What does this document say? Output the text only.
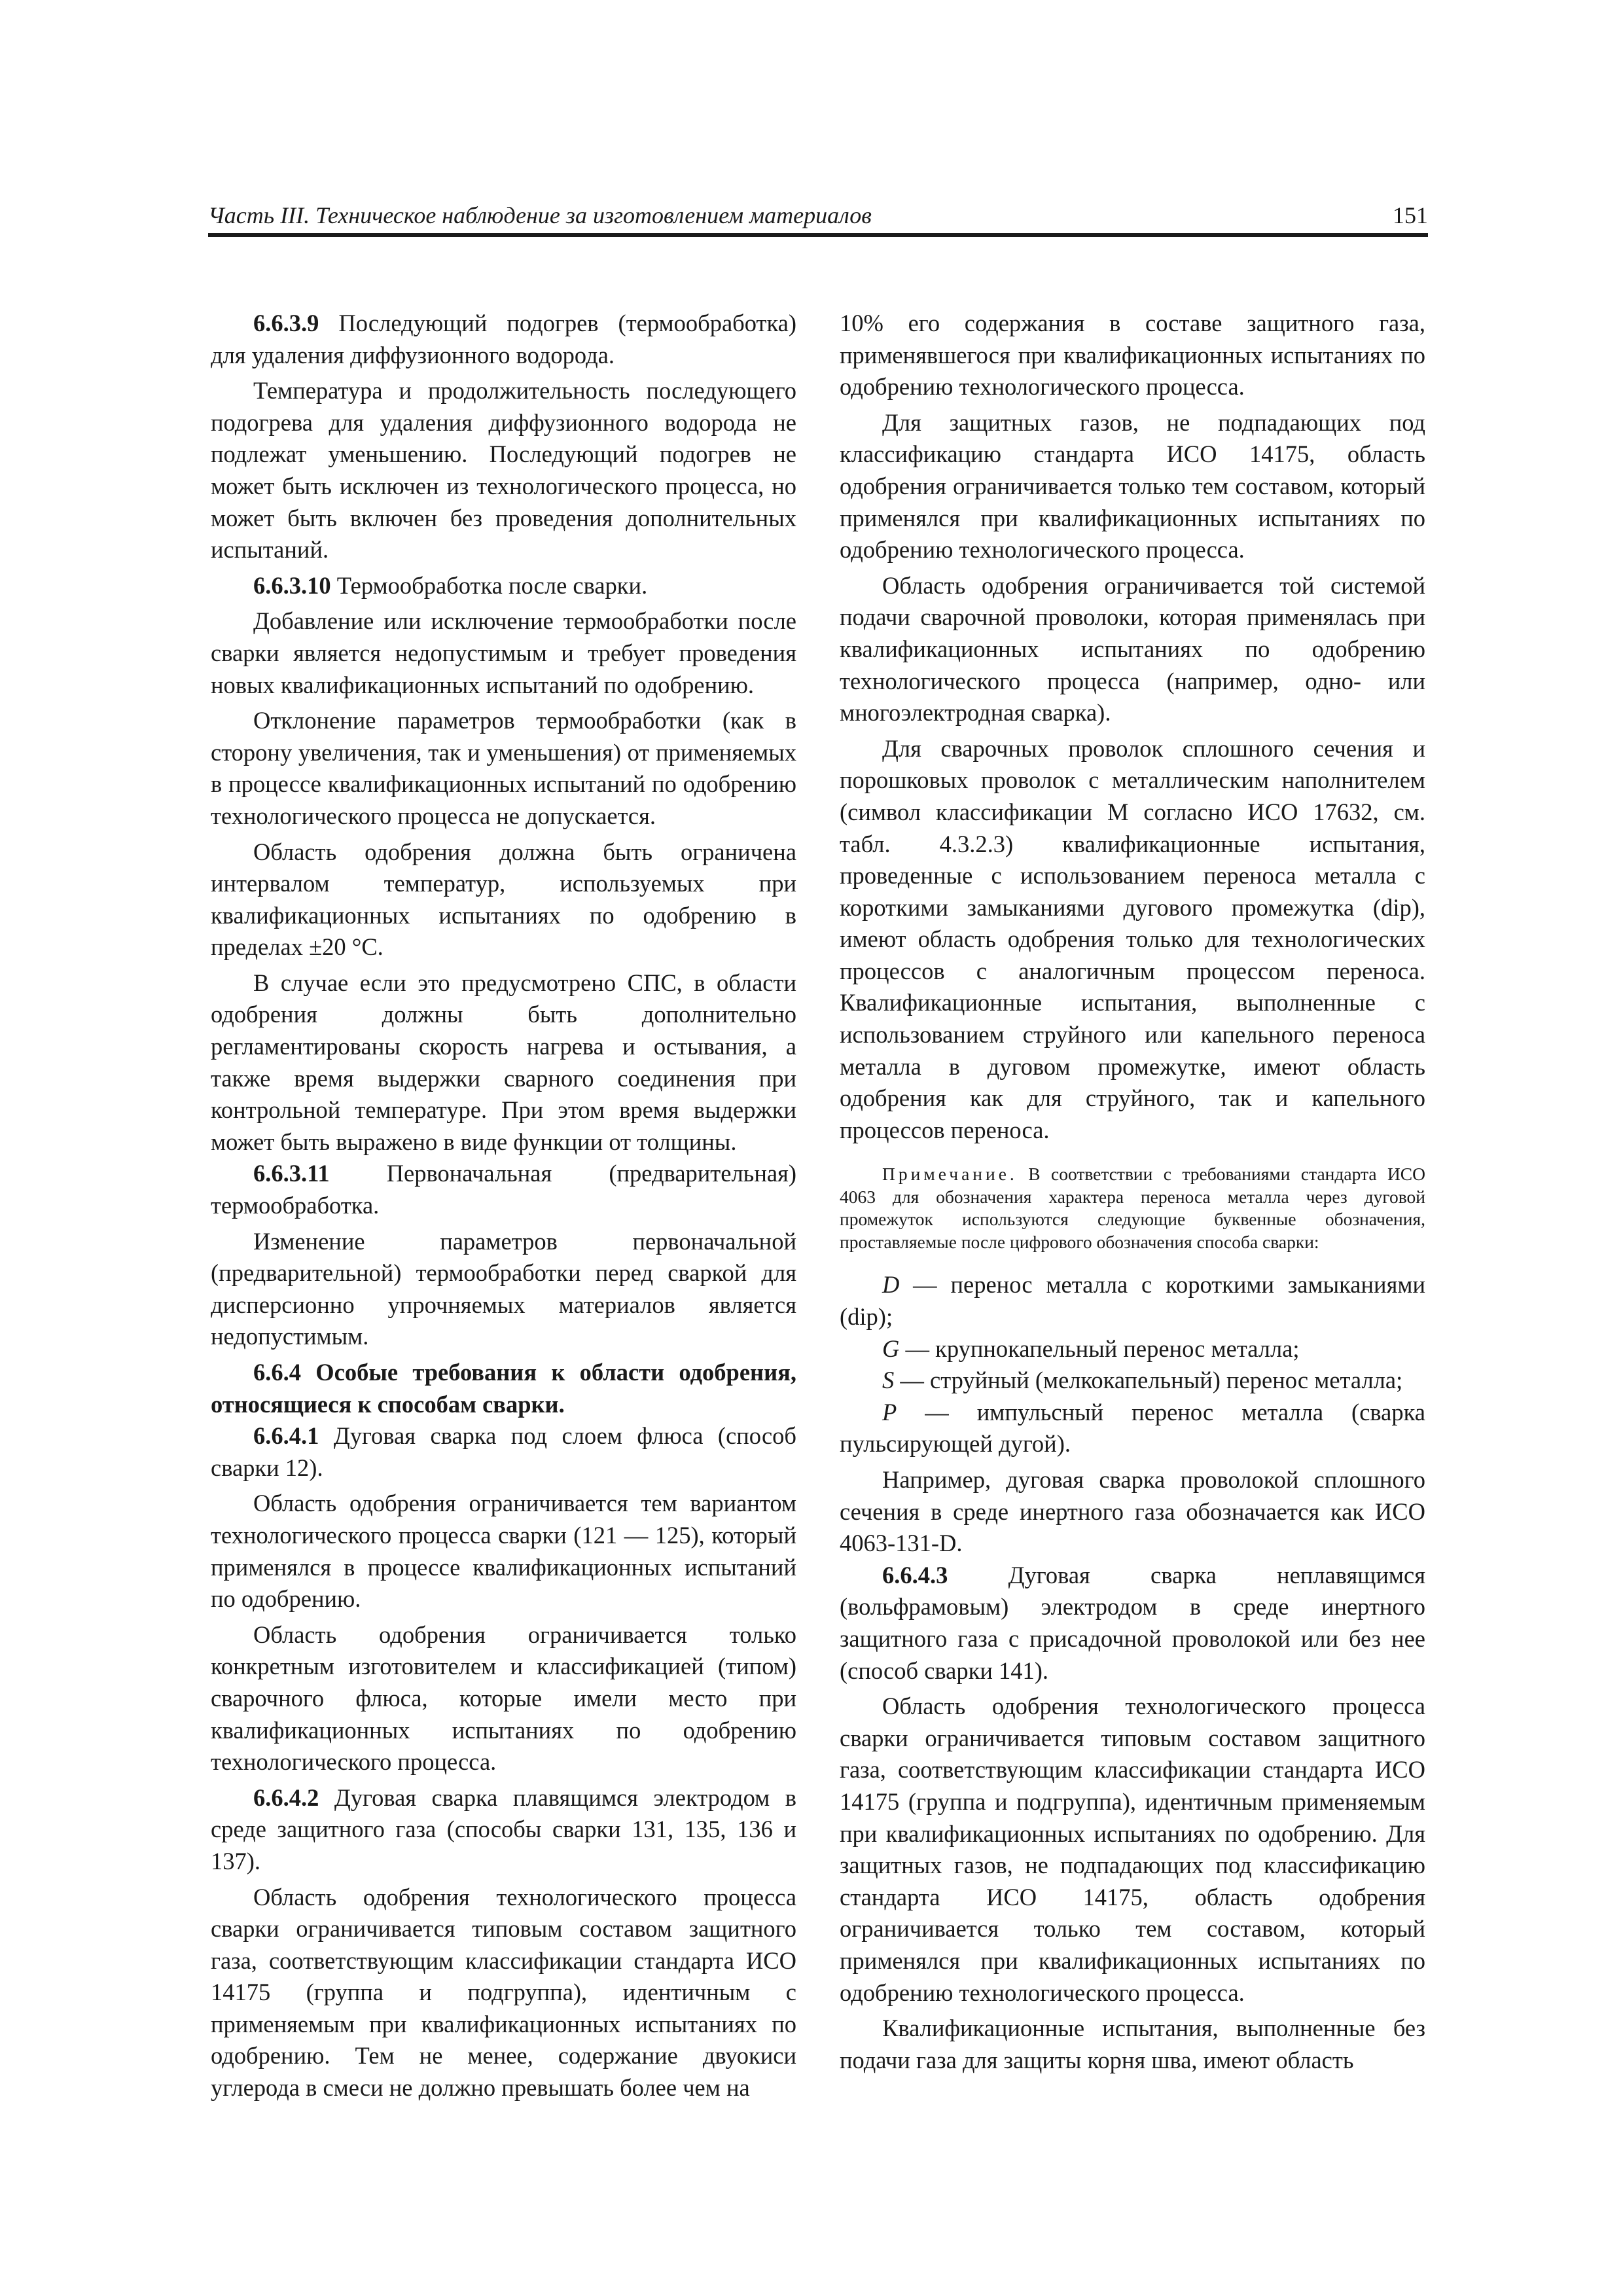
Часть III. Техническое наблюдение за изготовлением материалов	151

6.6.3.9 Последующий подогрев (термообработка) для удаления диффузионного водорода.

Температура и продолжительность последующего подогрева для удаления диффузионного водорода не подлежат уменьшению. Последующий подогрев не может быть исключен из технологического процесса, но может быть включен без проведения дополнительных испытаний.

6.6.3.10 Термообработка после сварки.

Добавление или исключение термообработки после сварки является недопустимым и требует проведения новых квалификационных испытаний по одобрению.

Отклонение параметров термообработки (как в сторону увеличения, так и уменьшения) от применяемых в процессе квалификационных испытаний по одобрению технологического процесса не допускается.

Область одобрения должна быть ограничена интервалом температур, используемых при квалификационных испытаниях по одобрению в пределах ±20 °С.

В случае если это предусмотрено СПС, в области одобрения должны быть дополнительно регламентированы скорость нагрева и остывания, а также время выдержки сварного соединения при контрольной температуре. При этом время выдержки может быть выражено в виде функции от толщины.

6.6.3.11 Первоначальная (предварительная) термообработка.

Изменение параметров первоначальной (предварительной) термообработки перед сваркой для дисперсионно упрочняемых материалов является недопустимым.

6.6.4 Особые требования к области одобрения, относящиеся к способам сварки.

6.6.4.1 Дуговая сварка под слоем флюса (способ сварки 12).

Область одобрения ограничивается тем вариантом технологического процесса сварки (121 — 125), который применялся в процессе квалификационных испытаний по одобрению.

Область одобрения ограничивается только конкретным изготовителем и классификацией (типом) сварочного флюса, которые имели место при квалификационных испытаниях по одобрению технологического процесса.

6.6.4.2 Дуговая сварка плавящимся электродом в среде защитного газа (способы сварки 131, 135, 136 и 137).

Область одобрения технологического процесса сварки ограничивается типовым составом защитного газа, соответствующим классификации стандарта ИСО 14175 (группа и подгруппа), идентичным с применяемым при квалификационных испытаниях по одобрению. Тем не менее, содержание двуокиси углерода в смеси не должно превышать более чем на

10% его содержания в составе защитного газа, применявшегося при квалификационных испытаниях по одобрению технологического процесса.

Для защитных газов, не подпадающих под классификацию стандарта ИСО 14175, область одобрения ограничивается только тем составом, который применялся при квалификационных испытаниях по одобрению технологического процесса.

Область одобрения ограничивается той системой подачи сварочной проволоки, которая применялась при квалификационных испытаниях по одобрению технологического процесса (например, одно- или многоэлектродная сварка).

Для сварочных проволок сплошного сечения и порошковых проволок с металлическим наполнителем (символ классификации М согласно ИСО 17632, см. табл. 4.3.2.3) квалификационные испытания, проведенные с использованием переноса металла с короткими замыканиями дугового промежутка (dip), имеют область одобрения только для технологических процессов с аналогичным процессом переноса. Квалификационные испытания, выполненные с использованием струйного или капельного переноса металла в дуговом промежутке, имеют область одобрения как для струйного, так и капельного процессов переноса.

Примечание. В соответствии с требованиями стандарта ИСО 4063 для обозначения характера переноса металла через дуговой промежуток используются следующие буквенные обозначения, проставляемые после цифрового обозначения способа сварки:

D — перенос металла с короткими замыканиями (dip);

G — крупнокапельный перенос металла;

S — струйный (мелкокапельный) перенос металла;

P — импульсный перенос металла (сварка пульсирующей дугой).

Например, дуговая сварка проволокой сплошного сечения в среде инертного газа обозначается как ИСО 4063-131-D.

6.6.4.3 Дуговая сварка неплавящимся (вольфрамовым) электродом в среде инертного защитного газа с присадочной проволокой или без нее (способ сварки 141).

Область одобрения технологического процесса сварки ограничивается типовым составом защитного газа, соответствующим классификации стандарта ИСО 14175 (группа и подгруппа), идентичным применяемым при квалификационных испытаниях по одобрению. Для защитных газов, не подпадающих под классификацию стандарта ИСО 14175, область одобрения ограничивается только тем составом, который применялся при квалификационных испытаниях по одобрению технологического процесса.

Квалификационные испытания, выполненные без подачи газа для защиты корня шва, имеют область
